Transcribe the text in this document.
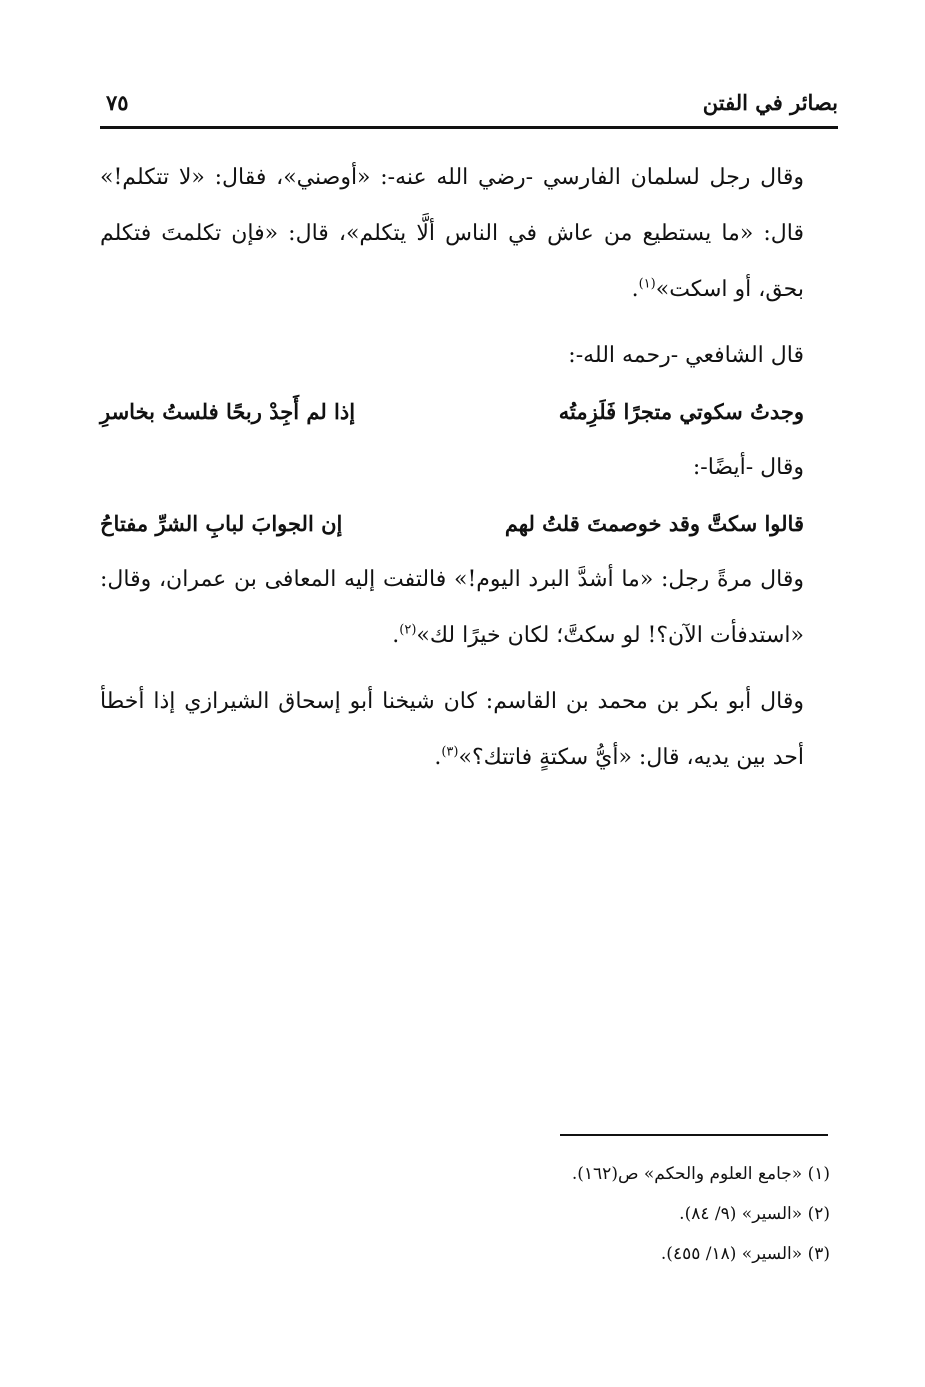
بصائر في الفتن
٧٥

وقال رجل لسلمان الفارسي -رضي الله عنه-: «أوصني»، فقال: «لا تتكلم!» قال: «ما يستطيع من عاش في الناس ألَّا يتكلم»، قال: «فإن تكلمتَ فتكلم بحق، أو اسكت»$^{(١)}$.

قال الشافعي -رحمه الله-:

وجدتُ سكوتي متجرًا فَلَزِمتُه
إذا لم أَجِدْ ربحًا فلستُ بخاسرِ

وقال -أيضًا-:

قالوا سكتَّ وقد خوصمتَ قلتُ لهم
إن الجوابَ لبابِ الشرِّ مفتاحُ

وقال مرةً رجل: «ما أشدَّ البرد اليوم!» فالتفت إليه المعافى بن عمران، وقال: «استدفأت الآن؟! لو سكتَّ؛ لكان خيرًا لك»$^{(٢)}$.

وقال أبو بكر بن محمد بن القاسم: كان شيخنا أبو إسحاق الشيرازي إذا أخطأ أحد بين يديه، قال: «أيُّ سكتةٍ فاتتك؟»$^{(٣)}$.

(١) «جامع العلوم والحكم» ص(١٦٢).
(٢) «السير» (٩/ ٨٤).
(٣) «السير» (١٨/ ٤٥٥).
